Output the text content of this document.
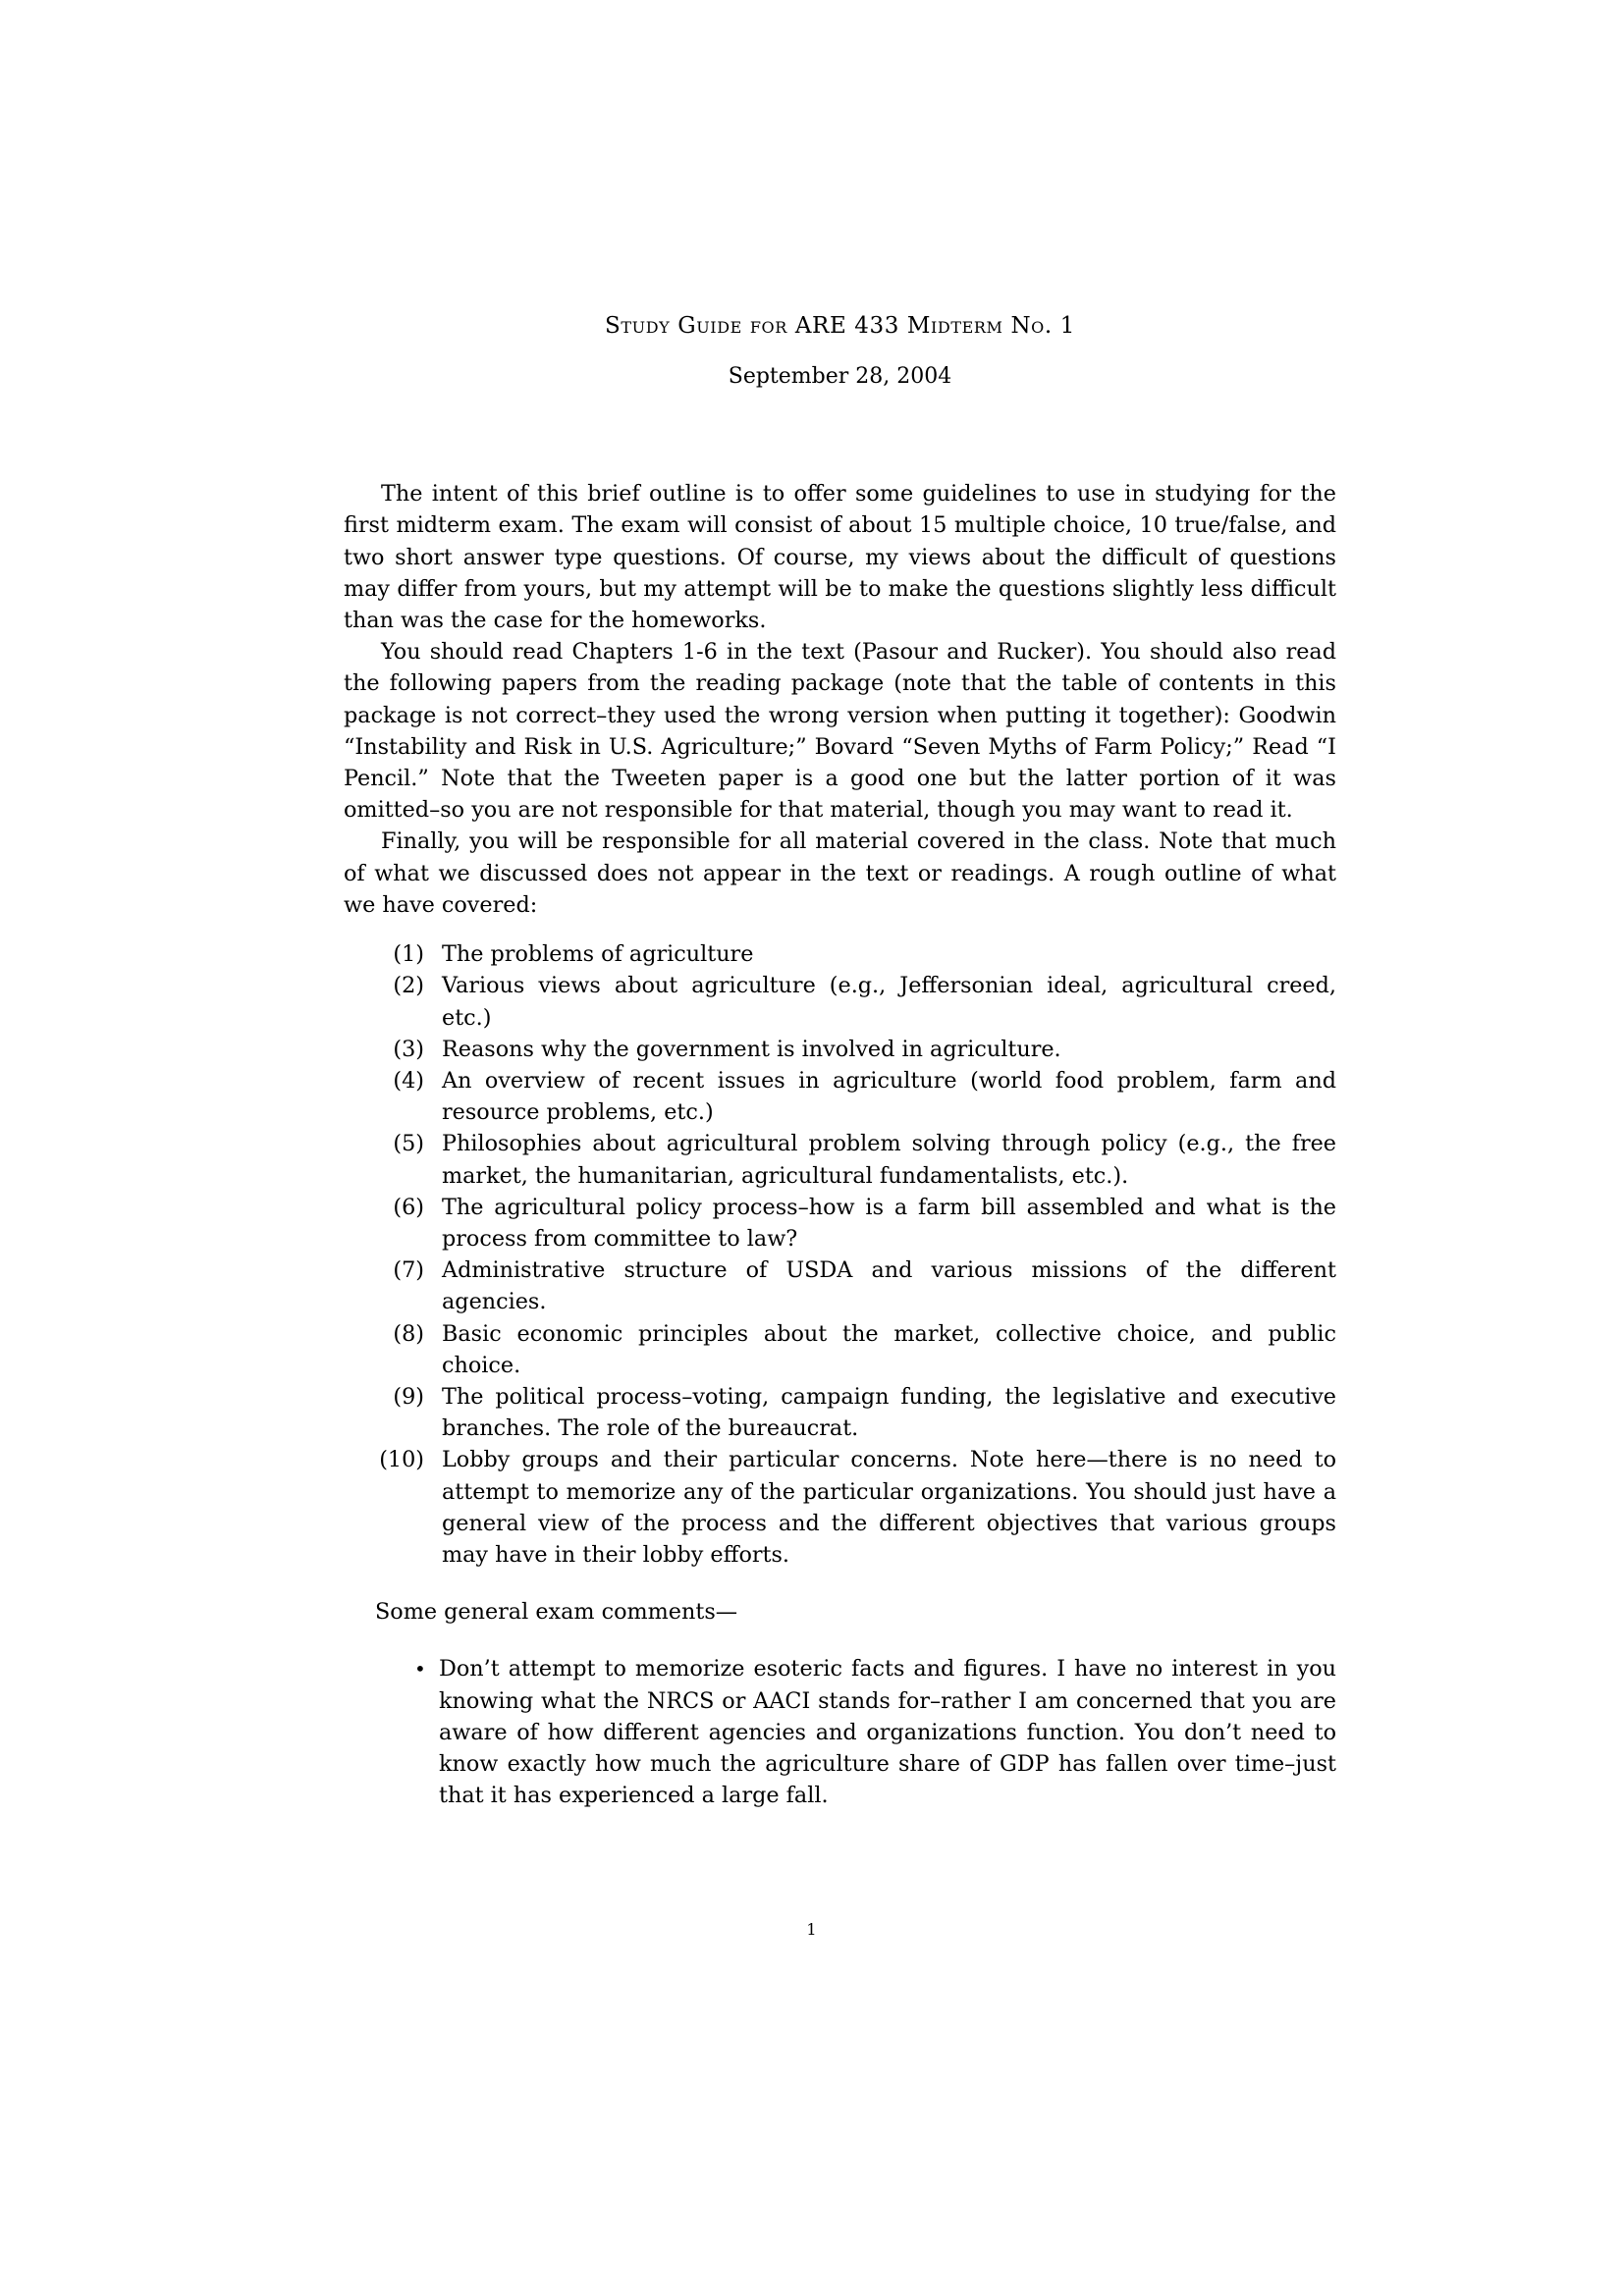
Study Guide for ARE 433 Midterm No. 1
September 28, 2004

The intent of this brief outline is to offer some guidelines to use in studying for the first midterm exam. The exam will consist of about 15 multiple choice, 10 true/false, and two short answer type questions. Of course, my views about the difficult of questions may differ from yours, but my attempt will be to make the questions slightly less difficult than was the case for the homeworks.

You should read Chapters 1-6 in the text (Pasour and Rucker). You should also read the following papers from the reading package (note that the table of contents in this package is not correct–they used the wrong version when putting it together): Goodwin “Instability and Risk in U.S. Agriculture;” Bovard “Seven Myths of Farm Policy;” Read “I Pencil.” Note that the Tweeten paper is a good one but the latter portion of it was omitted–so you are not responsible for that material, though you may want to read it.

Finally, you will be responsible for all material covered in the class. Note that much of what we discussed does not appear in the text or readings. A rough outline of what we have covered:

(1) The problems of agriculture
(2) Various views about agriculture (e.g., Jeffersonian ideal, agricultural creed, etc.)
(3) Reasons why the government is involved in agriculture.
(4) An overview of recent issues in agriculture (world food problem, farm and resource problems, etc.)
(5) Philosophies about agricultural problem solving through policy (e.g., the free market, the humanitarian, agricultural fundamentalists, etc.).
(6) The agricultural policy process–how is a farm bill assembled and what is the process from committee to law?
(7) Administrative structure of USDA and various missions of the different agencies.
(8) Basic economic principles about the market, collective choice, and public choice.
(9) The political process–voting, campaign funding, the legislative and executive branches. The role of the bureaucrat.
(10) Lobby groups and their particular concerns. Note here—there is no need to attempt to memorize any of the particular organizations. You should just have a general view of the process and the different objectives that various groups may have in their lobby efforts.

Some general exam comments—

• Don’t attempt to memorize esoteric facts and figures. I have no interest in you knowing what the NRCS or AACI stands for–rather I am concerned that you are aware of how different agencies and organizations function. You don’t need to know exactly how much the agriculture share of GDP has fallen over time–just that it has experienced a large fall.
1
